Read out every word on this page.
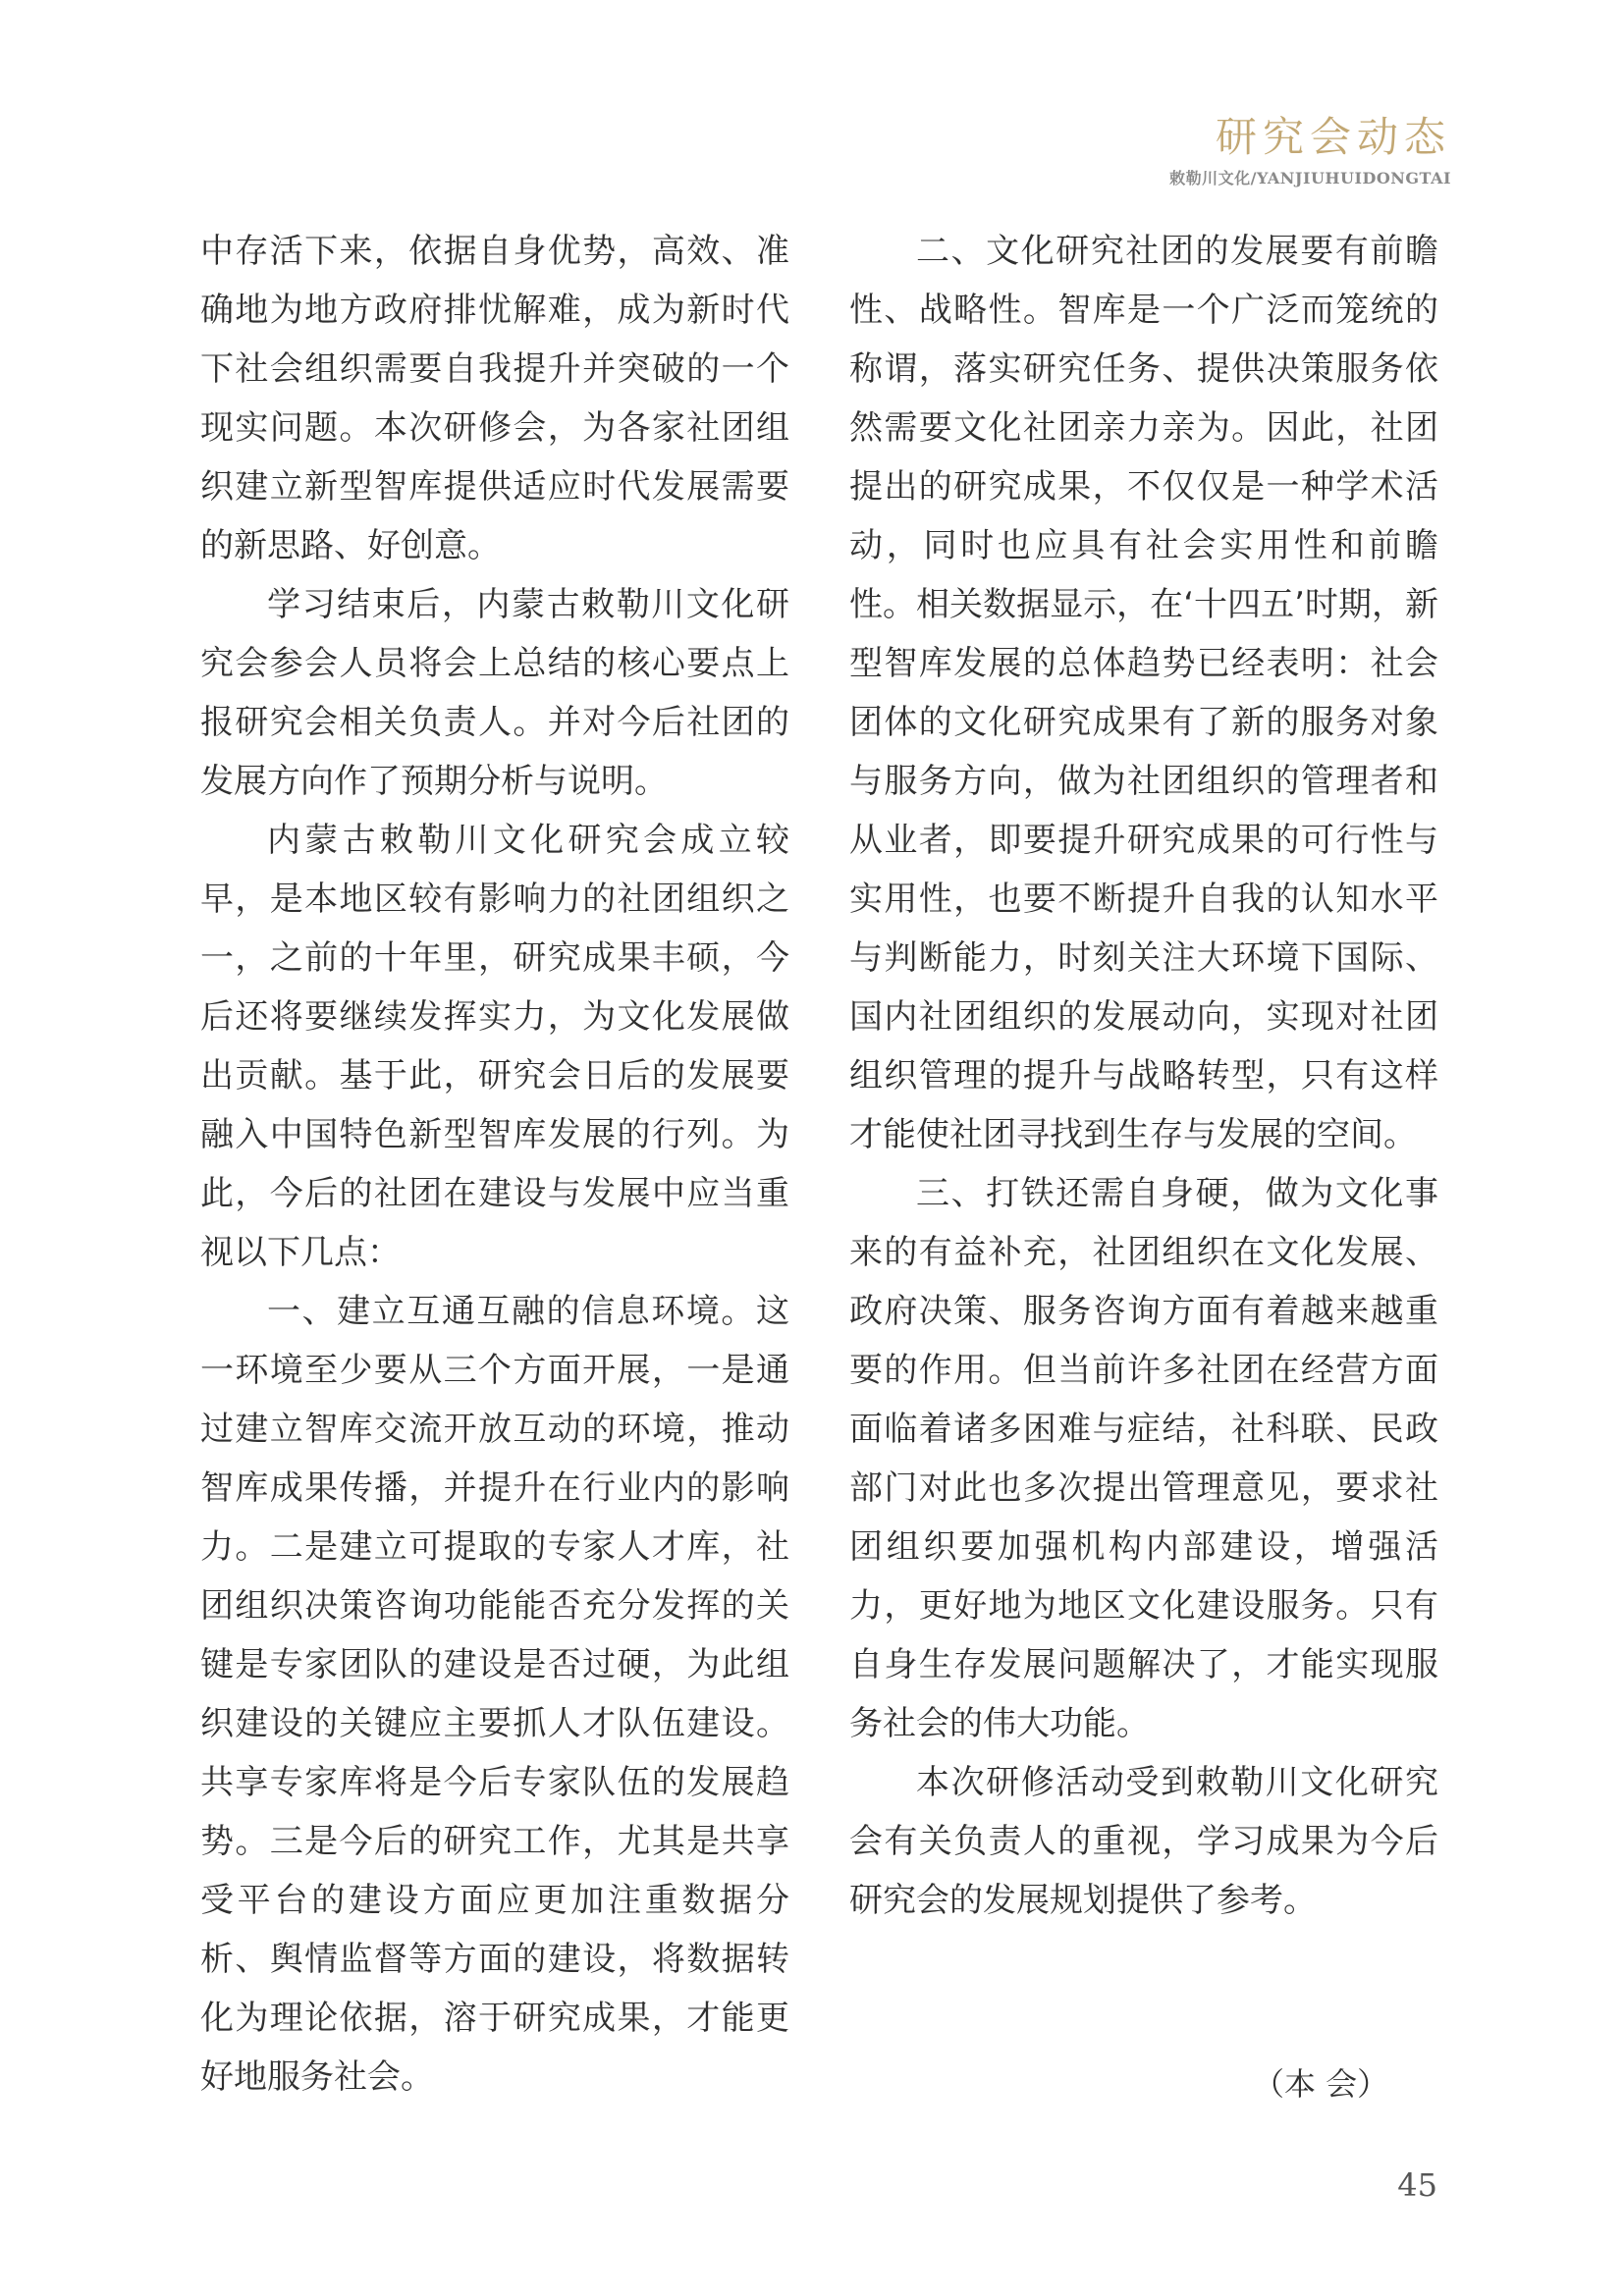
研究会动态
敕勒川文化/YANJIUHUIDONGTAI

中存活下来，依据自身优势，高效、准确地为地方政府排忧解难，成为新时代下社会组织需要自我提升并突破的一个现实问题。本次研修会，为各家社团组织建立新型智库提供适应时代发展需要的新思路、好创意。

学习结束后，内蒙古敕勒川文化研究会参会人员将会上总结的核心要点上报研究会相关负责人。并对今后社团的发展方向作了预期分析与说明。

内蒙古敕勒川文化研究会成立较早，是本地区较有影响力的社团组织之一，之前的十年里，研究成果丰硕，今后还将要继续发挥实力，为文化发展做出贡献。基于此，研究会日后的发展要融入中国特色新型智库发展的行列。为此，今后的社团在建设与发展中应当重视以下几点：

一、建立互通互融的信息环境。这一环境至少要从三个方面开展，一是通过建立智库交流开放互动的环境，推动智库成果传播，并提升在行业内的影响力。二是建立可提取的专家人才库，社团组织决策咨询功能能否充分发挥的关键是专家团队的建设是否过硬，为此组织建设的关键应主要抓人才队伍建设。共享专家库将是今后专家队伍的发展趋势。三是今后的研究工作，尤其是共享受平台的建设方面应更加注重数据分析、舆情监督等方面的建设，将数据转化为理论依据，溶于研究成果，才能更好地服务社会。

二、文化研究社团的发展要有前瞻性、战略性。智库是一个广泛而笼统的称谓，落实研究任务、提供决策服务依然需要文化社团亲力亲为。因此，社团提出的研究成果，不仅仅是一种学术活动，同时也应具有社会实用性和前瞻性。相关数据显示，在‘十四五’时期，新型智库发展的总体趋势已经表明：社会团体的文化研究成果有了新的服务对象与服务方向，做为社团组织的管理者和从业者，即要提升研究成果的可行性与实用性，也要不断提升自我的认知水平与判断能力，时刻关注大环境下国际、国内社团组织的发展动向，实现对社团组织管理的提升与战略转型，只有这样才能使社团寻找到生存与发展的空间。

三、打铁还需自身硬，做为文化事来的有益补充，社团组织在文化发展、政府决策、服务咨询方面有着越来越重要的作用。但当前许多社团在经营方面面临着诸多困难与症结，社科联、民政部门对此也多次提出管理意见，要求社团组织要加强机构内部建设，增强活力，更好地为地区文化建设服务。只有自身生存发展问题解决了，才能实现服务社会的伟大功能。

本次研修活动受到敕勒川文化研究会有关负责人的重视，学习成果为今后研究会的发展规划提供了参考。

（本 会）
45
